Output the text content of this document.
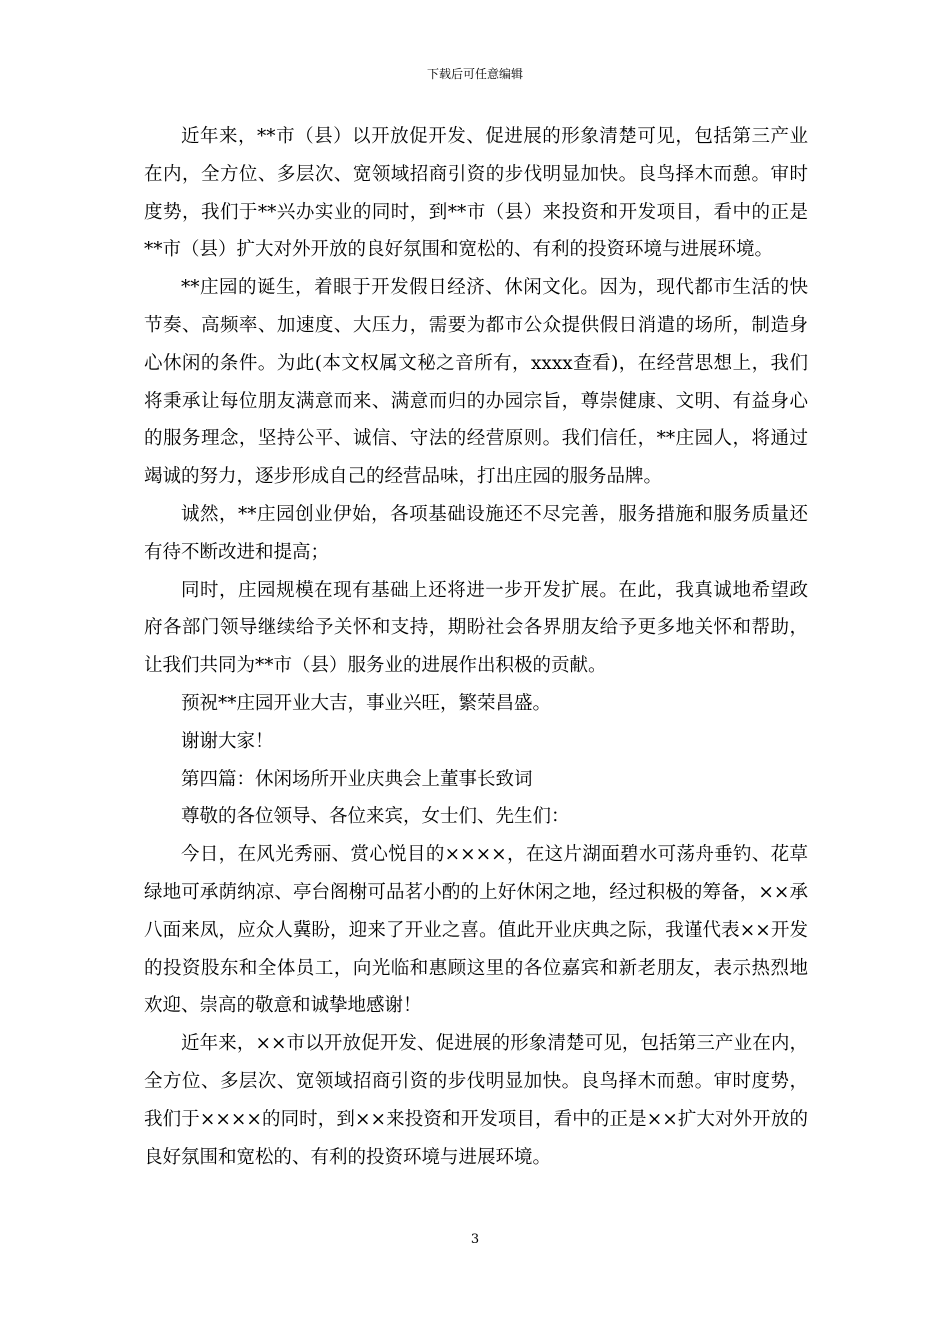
下载后可任意编辑

近年来，**市（县）以开放促开发、促进展的形象清楚可见，包括第三产业在内，全方位、多层次、宽领域招商引资的步伐明显加快。良鸟择木而憩。审时度势，我们于**兴办实业的同时，到**市（县）来投资和开发项目，看中的正是**市（县）扩大对外开放的良好氛围和宽松的、有利的投资环境与进展环境。

**庄园的诞生，着眼于开发假日经济、休闲文化。因为，现代都市生活的快节奏、高频率、加速度、大压力，需要为都市公众提供假日消遣的场所，制造身心休闲的条件。为此(本文权属文秘之音所有，xxxx查看)，在经营思想上，我们将秉承让每位朋友满意而来、满意而归的办园宗旨，尊崇健康、文明、有益身心的服务理念，坚持公平、诚信、守法的经营原则。我们信任，**庄园人，将通过竭诚的努力，逐步形成自己的经营品味，打出庄园的服务品牌。

诚然，**庄园创业伊始，各项基础设施还不尽完善，服务措施和服务质量还有待不断改进和提高；

同时，庄园规模在现有基础上还将进一步开发扩展。在此，我真诚地希望政府各部门领导继续给予关怀和支持，期盼社会各界朋友给予更多地关怀和帮助，让我们共同为**市（县）服务业的进展作出积极的贡献。

预祝**庄园开业大吉，事业兴旺，繁荣昌盛。

谢谢大家！

第四篇：休闲场所开业庆典会上董事长致词

尊敬的各位领导、各位来宾，女士们、先生们：

今日，在风光秀丽、赏心悦目的××××，在这片湖面碧水可荡舟垂钓、花草绿地可承荫纳凉、亭台阁榭可品茗小酌的上好休闲之地，经过积极的筹备，××承八面来凤，应众人冀盼，迎来了开业之喜。值此开业庆典之际，我谨代表××开发的投资股东和全体员工，向光临和惠顾这里的各位嘉宾和新老朋友，表示热烈地欢迎、崇高的敬意和诚挚地感谢！

近年来，××市以开放促开发、促进展的形象清楚可见，包括第三产业在内，全方位、多层次、宽领域招商引资的步伐明显加快。良鸟择木而憩。审时度势，我们于××××的同时，到××来投资和开发项目，看中的正是××扩大对外开放的良好氛围和宽松的、有利的投资环境与进展环境。

3
